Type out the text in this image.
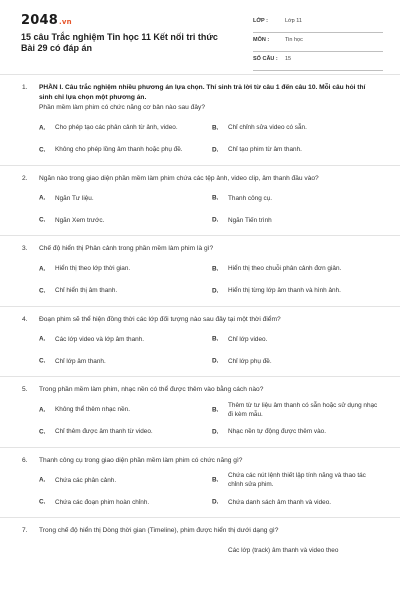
2048.vn
15 câu Trắc nghiệm Tin học 11 Kết nối tri thức Bài 29 có đáp án
LỚP :	Lớp 11
MÔN :	Tin học
SỐ CÂU : 15
1. PHẦN I. Câu trắc nghiệm nhiều phương án lựa chọn. Thí sinh trả lời từ câu 1 đến câu 10. Mỗi câu hỏi thí sinh chỉ lựa chọn một phương án.
Phần mềm làm phim có chức năng cơ bản nào sau đây?
A. Cho phép tạo các phân cảnh từ ảnh, video.	B. Chỉ chỉnh sửa video có sẵn.
C. Không cho phép lồng âm thanh hoặc phụ đề.	D. Chỉ tạo phim từ âm thanh.
2. Ngăn nào trong giao diện phần mềm làm phim chứa các tệp ảnh, video clip, âm thanh đầu vào?
A. Ngăn Tư liệu.	B. Thanh công cụ.
C. Ngăn Xem trước.	D. Ngăn Tiến trình
3. Chế độ hiển thị Phân cảnh trong phần mềm làm phim là gì?
A. Hiển thị theo lớp thời gian.	B. Hiển thị theo chuỗi phân cảnh đơn giản.
C. Chỉ hiển thị âm thanh.	D. Hiển thị từng lớp âm thanh và hình ảnh.
4. Đoạn phim sẽ thể hiện đồng thời các lớp đối tượng nào sau đây tại một thời điểm?
A. Các lớp video và lớp âm thanh.	B. Chỉ lớp video.
C. Chỉ lớp âm thanh.	D. Chỉ lớp phụ đề.
5. Trong phần mềm làm phim, nhạc nền có thể được thêm vào bằng cách nào?
A. Không thể thêm nhạc nền.	B.
Thêm từ tư liệu âm thanh có sẵn hoặc sử dụng nhạc đi kèm mẫu.
C. Chỉ thêm được âm thanh từ video.	D. Nhạc nền tự động được thêm vào.
6. Thanh công cụ trong giao diện phần mềm làm phim có chức năng gì?
A. Chứa các phân cảnh.	B.
Chứa các nút lệnh thiết lập tính năng và thao tác chỉnh sửa phim.
C. Chứa các đoạn phim hoàn chỉnh.	D. Chứa danh sách âm thanh và video.
7. Trong chế độ hiển thị Dòng thời gian (Timeline), phim được hiển thị dưới dạng gì?
Các lớp (track) âm thanh và video theo
